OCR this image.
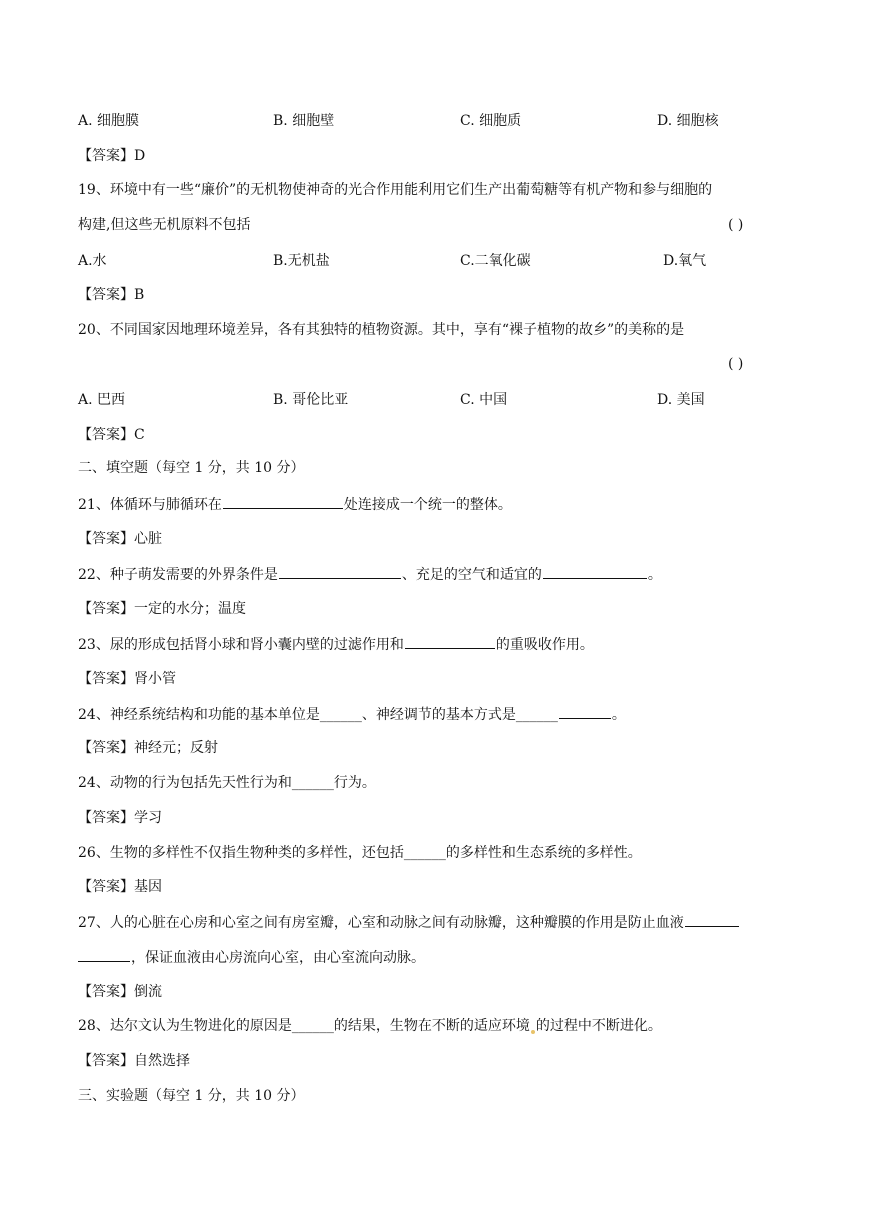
A. 细胞膜	B. 细胞壁	C. 细胞质	D. 细胞核
【答案】D
19、环境中有一些“廉价”的无机物使神奇的光合作用能利用它们生产出葡萄糖等有机产物和参与细胞的
构建,但这些无机原料不包括	( )
A.水	B.无机盐	C.二氧化碳	D.氧气
【答案】B
20、不同国家因地理环境差异，各有其独特的植物资源。其中，享有“裸子植物的故乡”的美称的是
( )
A. 巴西	B. 哥伦比亚	C. 中国	D. 美国
【答案】C
二、填空题（每空 1 分，共 10 分）
21、体循环与肺循环在	处连接成一个统一的整体。
【答案】心脏
22、种子萌发需要的外界条件是	、充足的空气和适宜的	。
【答案】一定的水分；温度
23、尿的形成包括肾小球和肾小囊内壁的过滤作用和	的重吸收作用。
【答案】肾小管
24、神经系统结构和功能的基本单位是______、神经调节的基本方式是______	。
【答案】神经元；反射
24、动物的行为包括先天性行为和______行为。
【答案】学习
26、生物的多样性不仅指生物种类的多样性，还包括______的多样性和生态系统的多样性。
【答案】基因
27、人的心脏在心房和心室之间有房室瓣，心室和动脉之间有动脉瓣，这种瓣膜的作用是防止血液
，保证血液由心房流向心室，由心室流向动脉。
【答案】倒流
28、达尔文认为生物进化的原因是______的结果，生物在不断的适应环境 的过程中不断进化。
【答案】自然选择
三、实验题（每空 1 分，共 10 分）
